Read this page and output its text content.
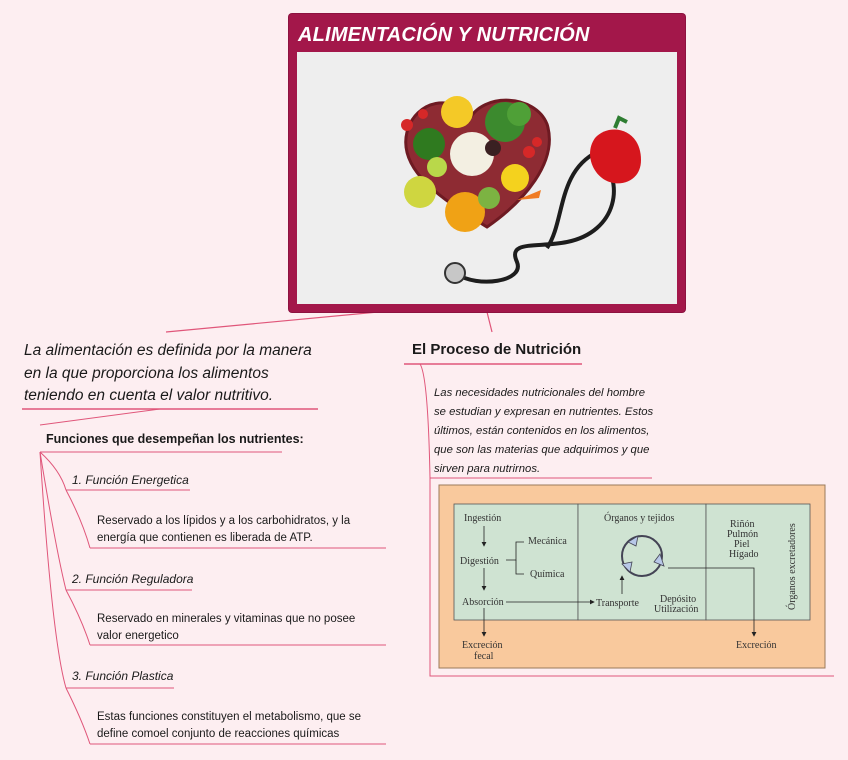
ALIMENTACIÓN Y NUTRICIÓN
La alimentación es definida por la manera en la que proporciona los alimentos teniendo en cuenta el valor nutritivo.
Funciones que desempeñan los nutrientes:
1. Función Energetica
Reservado a los lípidos y a los carbohidratos, y la energía que contienen es liberada de ATP.
2. Función Reguladora
Reservado en minerales y vitaminas que no posee valor energetico
3. Función Plastica
Estas funciones constituyen el metabolismo, que se define comoel conjunto de reacciones químicas
El Proceso de Nutrición
Las necesidades nutricionales del hombre se estudian y expresan en nutrientes. Estos últimos, están contenidos en los alimentos, que son las materias que adquirimos y que sirven para nutrirnos.
Ingestión
Digestión
Mecánica
Química
Absorción
Excreción
fecal
Órganos y tejidos
Transporte Depósito
Utilización
Riñón
Pulmón
Piel
Hígado	Órganos excretadores
Excreción
